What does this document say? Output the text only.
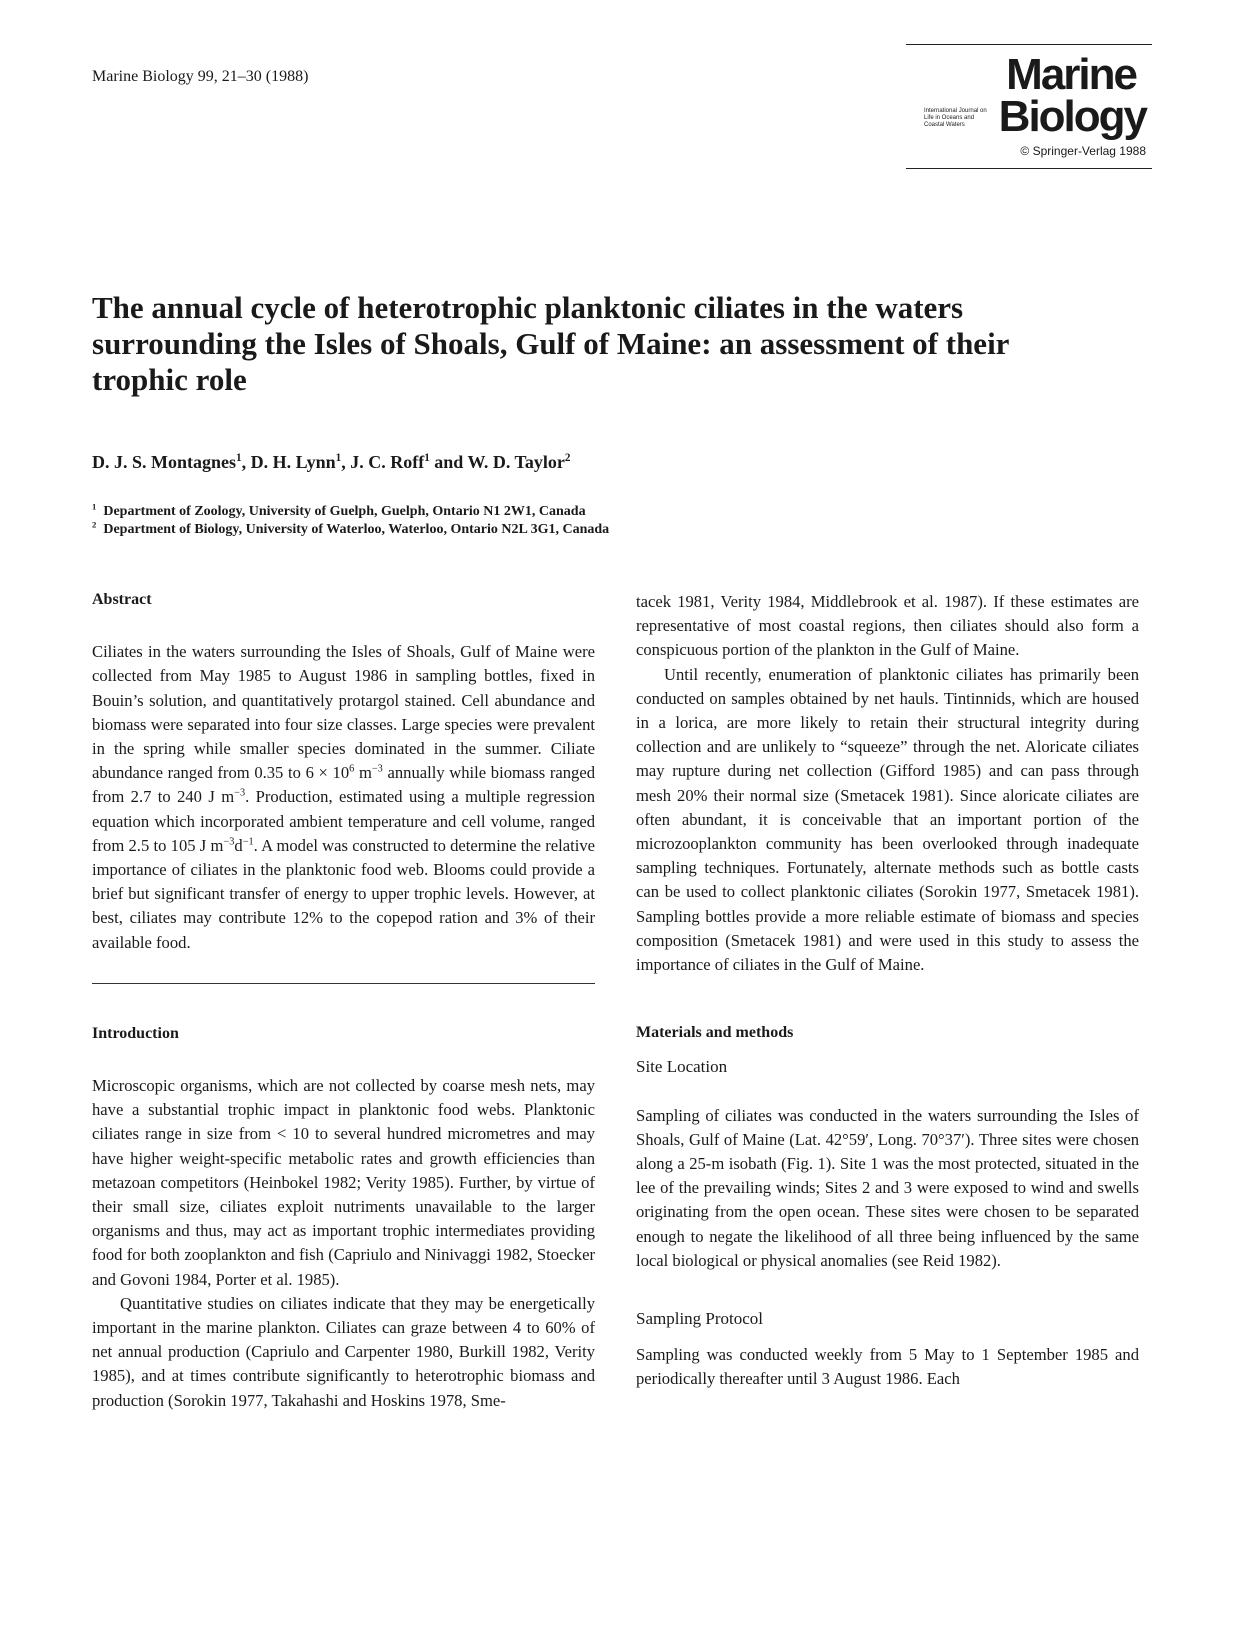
Marine Biology 99, 21–30 (1988)	Marine
International Journal on Life in Oceans and Coastal Waters Biology
© Springer-Verlag 1988
The annual cycle of heterotrophic planktonic ciliates in the waters surrounding the Isles of Shoals, Gulf of Maine: an assessment of their trophic role
D. J. S. Montagnes$^1$, D. H. Lynn$^1$, J. C. Roff$^1$ and W. D. Taylor$^2$
$^1$ Department of Zoology, University of Guelph, Guelph, Ontario N1 2W1, Canada
$^2$ Department of Biology, University of Waterloo, Waterloo, Ontario N2L 3G1, Canada

Abstract

Ciliates in the waters surrounding the Isles of Shoals, Gulf of Maine were collected from May 1985 to August 1986 in sampling bottles, fixed in Bouin’s solution, and quantitatively protargol stained. Cell abundance and biomass were separated into four size classes. Large species were prevalent in the spring while smaller species dominated in the summer. Ciliate abundance ranged from 0.35 to $6 \times 10^6$ $m^{-3}$ annually while biomass ranged from 2.7 to 240 J $m^{-3}$. Production, estimated using a multiple regression equation which incorporated ambient temperature and cell volume, ranged from 2.5 to 105 J $m^{-3}d^{-1}$. A model was constructed to determine the relative importance of ciliates in the planktonic food web. Blooms could provide a brief but significant transfer of energy to upper trophic levels. However, at best, ciliates may contribute 12% to the copepod ration and 3% of their available food.

Introduction

Microscopic organisms, which are not collected by coarse mesh nets, may have a substantial trophic impact in planktonic food webs. Planktonic ciliates range in size from < 10 to several hundred micrometres and may have higher weight-specific metabolic rates and growth efficiencies than metazoan competitors (Heinbokel 1982; Verity 1985). Further, by virtue of their small size, ciliates exploit nutriments unavailable to the larger organisms and thus, may act as important trophic intermediates providing food for both zooplankton and fish (Capriulo and Ninivaggi 1982, Stoecker and Govoni 1984, Porter et al. 1985).

Quantitative studies on ciliates indicate that they may be energetically important in the marine plankton. Ciliates can graze between 4 to 60% of net annual production (Capriulo and Carpenter 1980, Burkill 1982, Verity 1985), and at times contribute significantly to heterotrophic biomass and production (Sorokin 1977, Takahashi and Hoskins 1978, Sme-

tacek 1981, Verity 1984, Middlebrook et al. 1987). If these estimates are representative of most coastal regions, then ciliates should also form a conspicuous portion of the plankton in the Gulf of Maine.

Until recently, enumeration of planktonic ciliates has primarily been conducted on samples obtained by net hauls. Tintinnids, which are housed in a lorica, are more likely to retain their structural integrity during collection and are unlikely to “squeeze” through the net. Aloricate ciliates may rupture during net collection (Gifford 1985) and can pass through mesh 20% their normal size (Smetacek 1981). Since aloricate ciliates are often abundant, it is conceivable that an important portion of the microzooplankton community has been overlooked through inadequate sampling techniques. Fortunately, alternate methods such as bottle casts can be used to collect planktonic ciliates (Sorokin 1977, Smetacek 1981). Sampling bottles provide a more reliable estimate of biomass and species composition (Smetacek 1981) and were used in this study to assess the importance of ciliates in the Gulf of Maine.

Materials and methods

Site Location

Sampling of ciliates was conducted in the waters surrounding the Isles of Shoals, Gulf of Maine (Lat. 42°59′, Long. 70°37′). Three sites were chosen along a 25-m isobath (Fig. 1). Site 1 was the most protected, situated in the lee of the prevailing winds; Sites 2 and 3 were exposed to wind and swells originating from the open ocean. These sites were chosen to be separated enough to negate the likelihood of all three being influenced by the same local biological or physical anomalies (see Reid 1982).

Sampling Protocol

Sampling was conducted weekly from 5 May to 1 September 1985 and periodically thereafter until 3 August 1986. Each
